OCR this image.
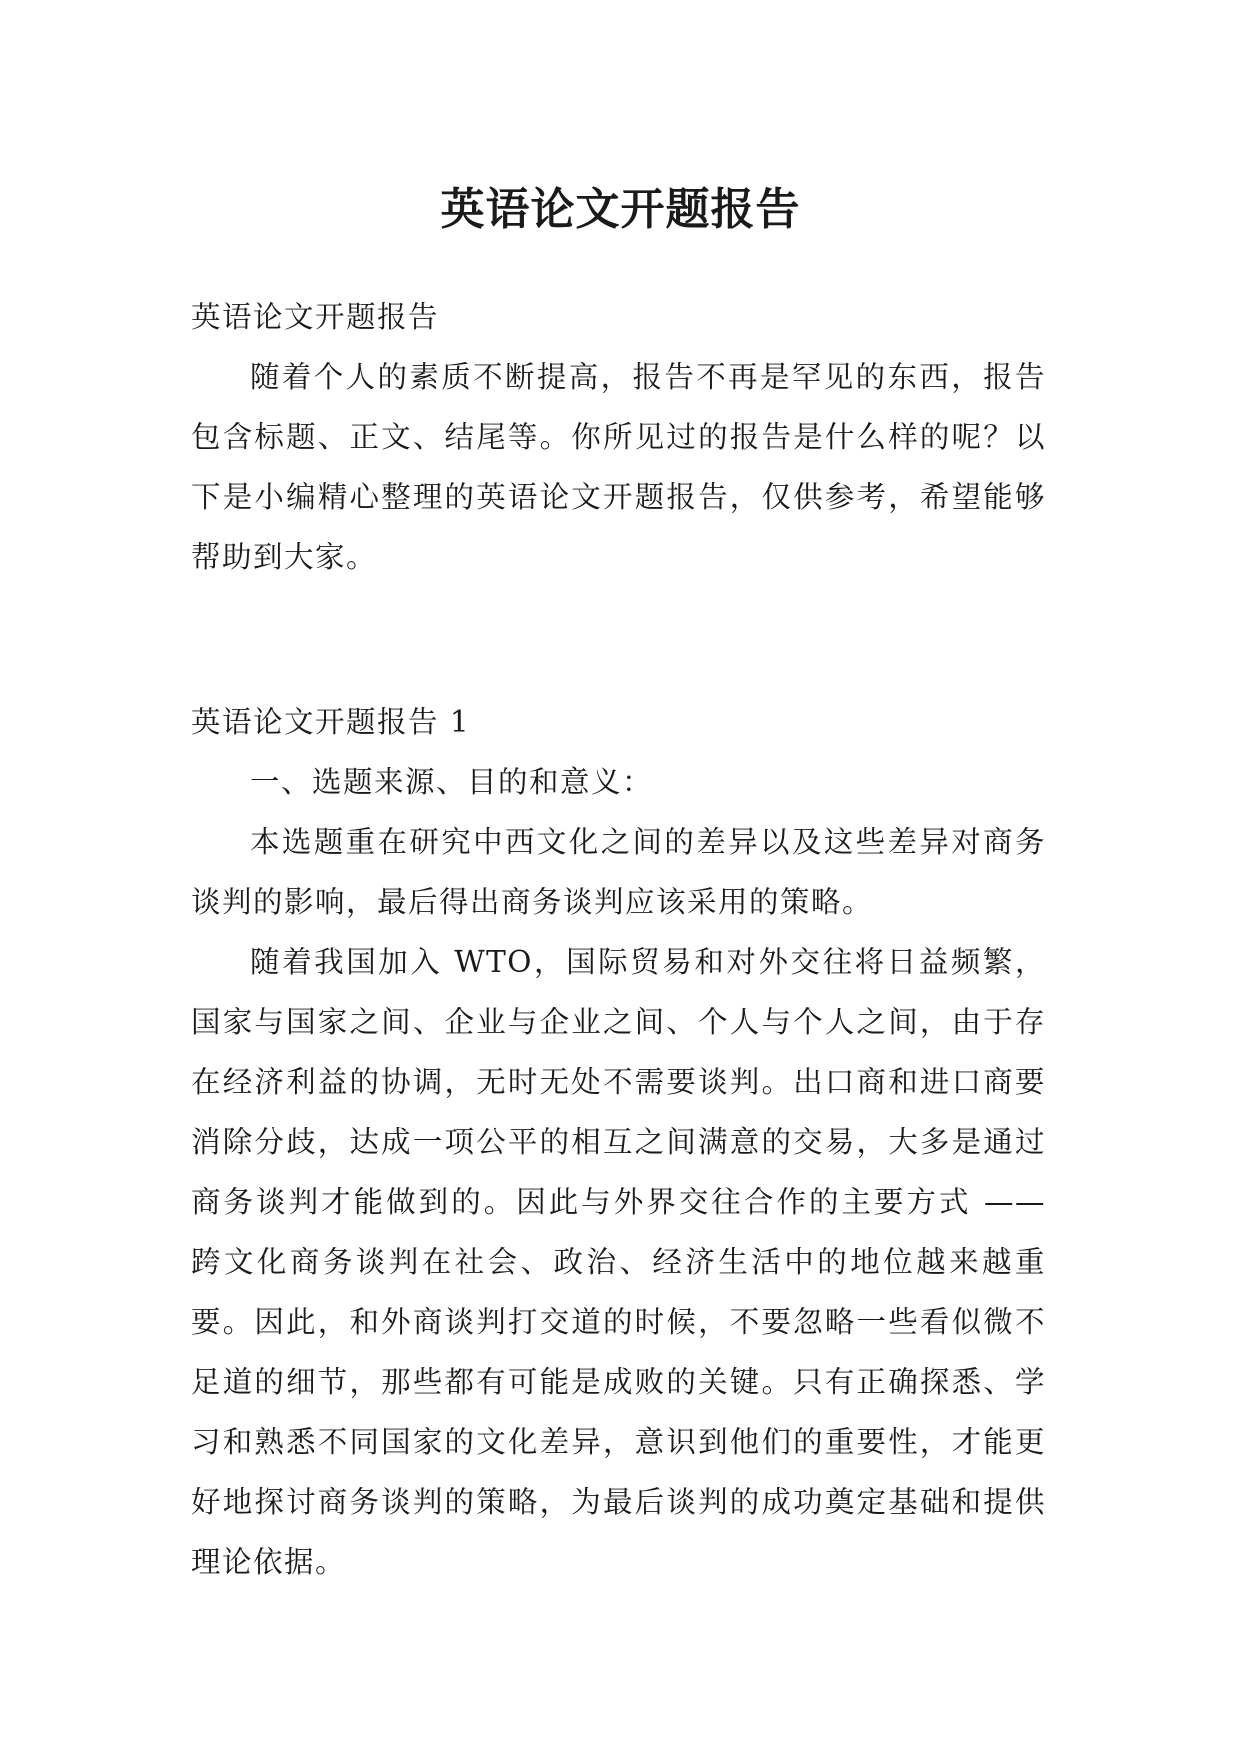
英语论文开题报告

英语论文开题报告

随着个人的素质不断提高，报告不再是罕见的东西，报告包含标题、正文、结尾等。你所见过的报告是什么样的呢？以下是小编精心整理的英语论文开题报告，仅供参考，希望能够帮助到大家。

英语论文开题报告 1

一、选题来源、目的和意义：

本选题重在研究中西文化之间的差异以及这些差异对商务谈判的影响，最后得出商务谈判应该采用的策略。

随着我国加入 WTO，国际贸易和对外交往将日益频繁，国家与国家之间、企业与企业之间、个人与个人之间，由于存在经济利益的协调，无时无处不需要谈判。出口商和进口商要消除分歧，达成一项公平的相互之间满意的交易，大多是通过商务谈判才能做到的。因此与外界交往合作的主要方式 —— 跨文化商务谈判在社会、政治、经济生活中的地位越来越重要。因此，和外商谈判打交道的时候，不要忽略一些看似微不足道的细节，那些都有可能是成败的关键。只有正确探悉、学习和熟悉不同国家的文化差异，意识到他们的重要性，才能更好地探讨商务谈判的策略，为最后谈判的成功奠定基础和提供理论依据。
